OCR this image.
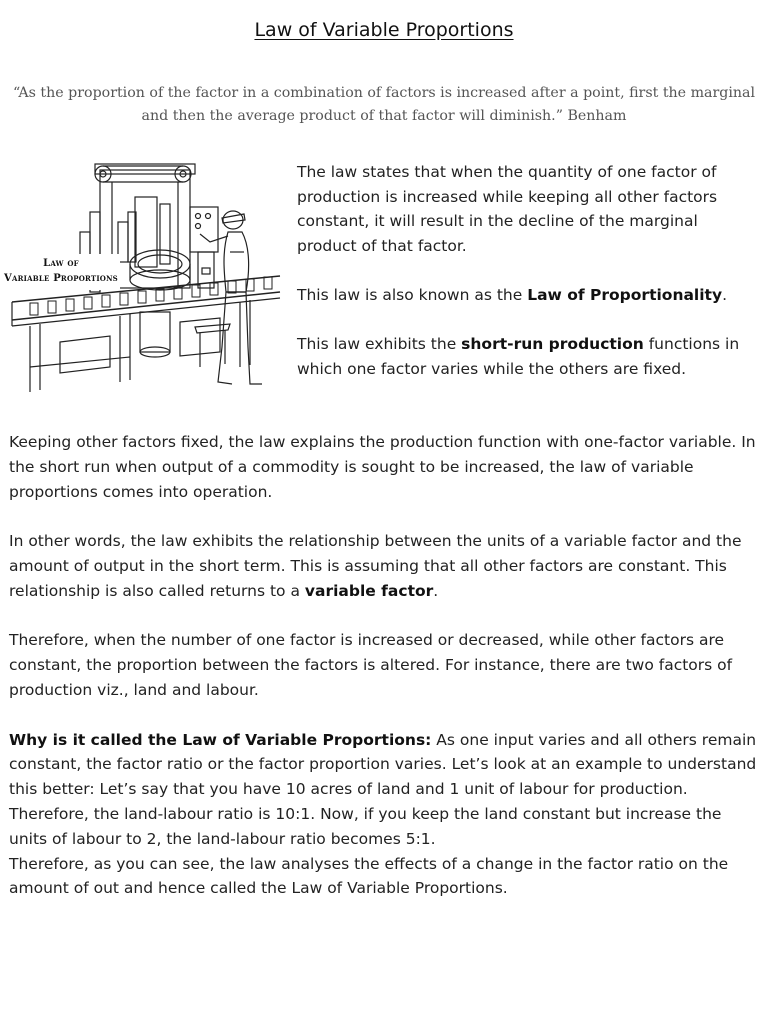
Law of Variable Proportions

“As the proportion of the factor in a combination of factors is increased after a point, first the marginal and then the average product of that factor will diminish.” Benham

Law of
Variable Proportions

The law states that when the quantity of one factor of production is increased while keeping all other factors constant, it will result in the decline of the marginal product of that factor.

This law is also known as the Law of Proportionality.

This law exhibits the short-run production functions in which one factor varies while the others are fixed.

Keeping other factors fixed, the law explains the production function with one-factor variable. In the short run when output of a commodity is sought to be increased, the law of variable proportions comes into operation.

In other words, the law exhibits the relationship between the units of a variable factor and the amount of output in the short term. This is assuming that all other factors are constant. This relationship is also called returns to a variable factor.

Therefore, when the number of one factor is increased or decreased, while other factors are constant, the proportion between the factors is altered. For instance, there are two factors of production viz., land and labour.

Why is it called the Law of Variable Proportions: As one input varies and all others remain constant, the factor ratio or the factor proportion varies. Let’s look at an example to understand this better: Let’s say that you have 10 acres of land and 1 unit of labour for production. Therefore, the land-labour ratio is 10:1. Now, if you keep the land constant but increase the units of labour to 2, the land-labour ratio becomes 5:1.

Therefore, as you can see, the law analyses the effects of a change in the factor ratio on the amount of out and hence called the Law of Variable Proportions.
